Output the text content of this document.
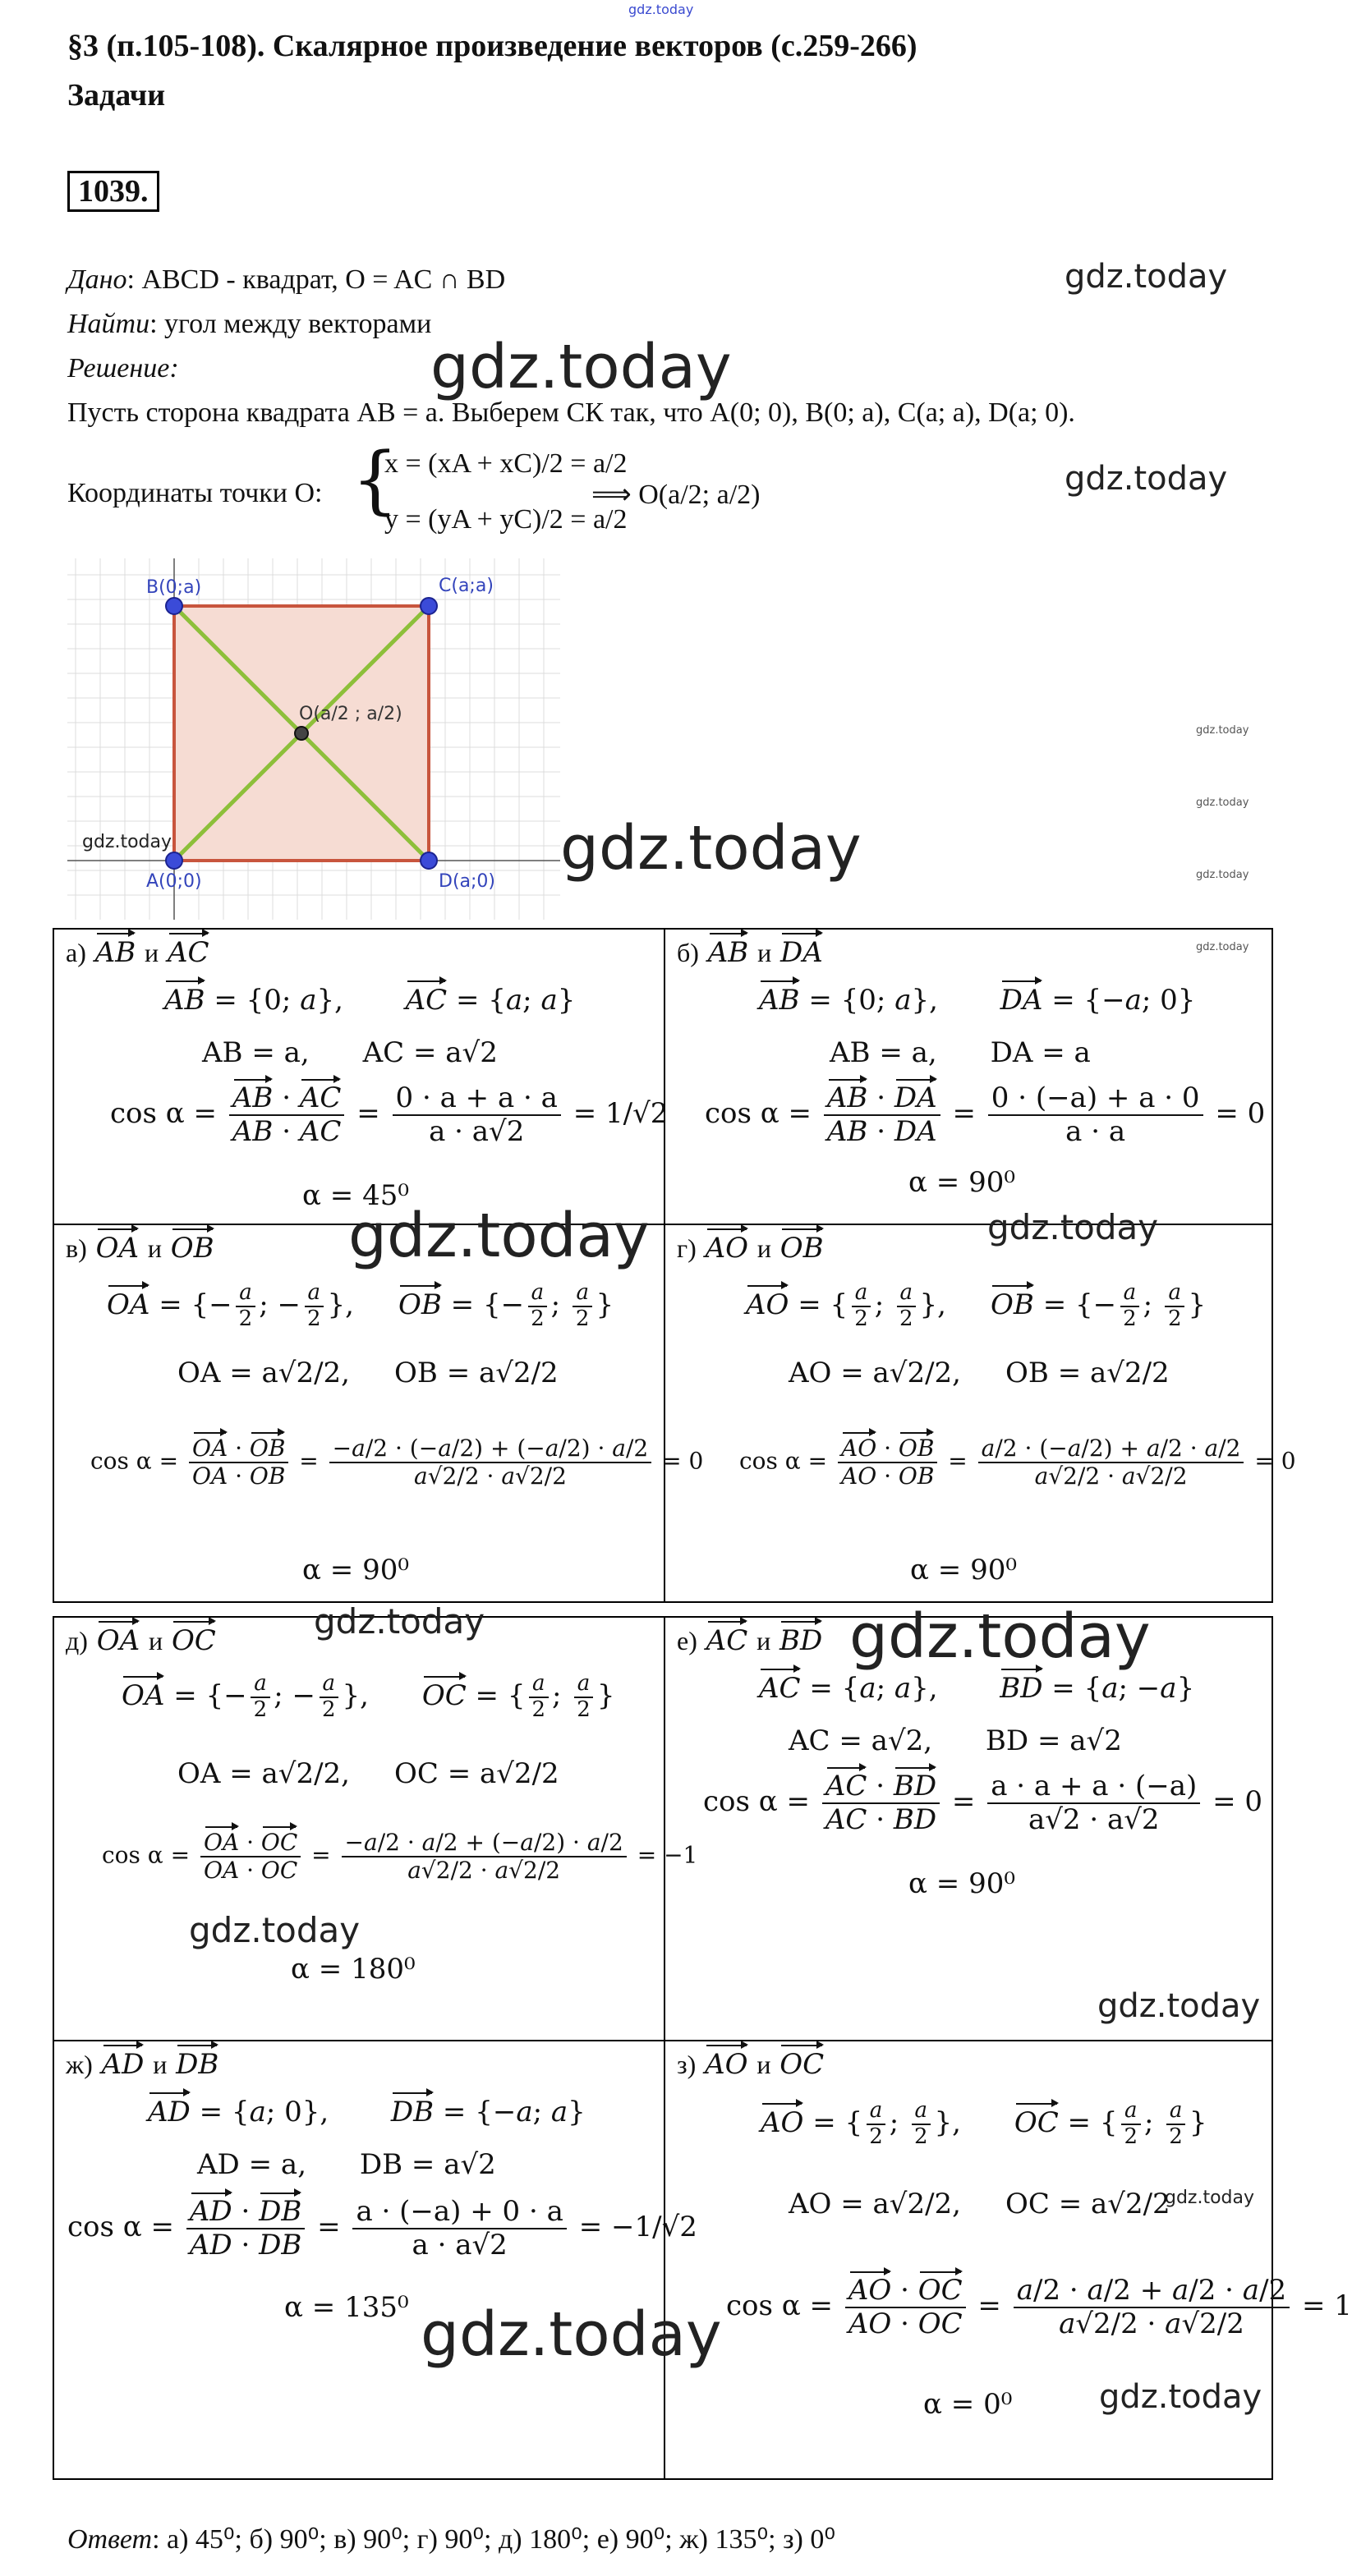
gdz.today
§3 (п.105-108). Скалярное произведение векторов (с.259-266)
Задачи
1039.
Дано: ABCD - квадрат, O = AC ∩ BD	gdz.today
Найти: угол между векторами
Решение:	gdz.today
Пусть сторона квадрата AB = a. Выберем СК так, что A(0; 0), B(0; a), C(a; a), D(a; 0).
Координаты точки O: {
x = (xA + xC)/2 = a/2
y = (yA + yC)/2 = a/2
⟹ O(a/2; a/2)	gdz.today
B(0;a)	C(a;a)
O(a/2 ; a/2)
A(0;0)	D(a;0)
gdz.today	gdz.today
gdz.today
gdz.today
gdz.today
а) AB и AC
AB = {0; a},       AC = {a; a}
AB = a, AC = a√2
$\cos \alpha = \frac{AB \cdot AC}{AB \cdot AC} = \frac{0 \cdot a + a \cdot a}{a \cdot a√2} = 1/√2$
α = 45⁰
gdz.today
б) AB и DA
AB = {0; a},       DA = {−a; 0}
AB = a, DA = a
$\cos \alpha = \frac{AB \cdot DA}{AB \cdot DA} = \frac{0 \cdot (-a) + a \cdot 0}{a \cdot a} = 0$
α = 90⁰
gdz.today	gdz.today
в) OA и OB
OA = {− $\frac{a}{2}$ ; − $\frac{a}{2}$ },     OB = {− $\frac{a}{2}$ ; $\frac{a}{2}$ }
OA = a√2/2, OB = a√2/2
$\cos \alpha = \frac{OA \cdot OB}{OA \cdot OB} = \frac{-a/2 \cdot (-a/2) + (-a/2) \cdot a/2}{a√2/2 \cdot a√2/2} = 0$
α = 90⁰
г) AO и OB
AO = { $\frac{a}{2}$ ; $\frac{a}{2}$ },     OB = {− $\frac{a}{2}$ ; $\frac{a}{2}$ }
AO = a√2/2, OB = a√2/2
$\cos \alpha = \frac{AO \cdot OB}{AO \cdot OB} = \frac{a/2 \cdot (-a/2) + a/2 \cdot a/2}{a√2/2 \cdot a√2/2} = 0$
α = 90⁰
д) OA и OC	gdz.today
OA = {− $\frac{a}{2}$ ; − $\frac{a}{2}$ },      OC = { $\frac{a}{2}$ ; $\frac{a}{2}$ }
OA = a√2/2, OC = a√2/2
$\cos \alpha = \frac{OA \cdot OC}{OA \cdot OC} = \frac{-a/2 \cdot a/2 + (-a/2) \cdot a/2}{a√2/2 \cdot a√2/2} = -1$
gdz.today
α = 180⁰
е) AC и BD gdz.today
AC = {a; a},       BD = {a; −a}
AC = a√2, BD = a√2
$\cos \alpha = \frac{AC \cdot BD}{AC \cdot BD} = \frac{a \cdot a + a \cdot (-a)}{a√2 \cdot a√2} = 0$
α = 90⁰
gdz.today
ж) AD и DB
AD = {a; 0},       DB = {−a; a}
AD = a, DB = a√2
$\cos \alpha = \frac{AD \cdot DB}{AD \cdot DB} = \frac{a \cdot (-a) + 0 \cdot a}{a \cdot a√2} = -1/√2$
α = 135⁰ gdz.today
з) AO и OC
AO = { $\frac{a}{2}$ ; $\frac{a}{2}$ },      OC = { $\frac{a}{2}$ ; $\frac{a}{2}$ }
gdz.today
AO = a√2/2, OC = a√2/2
$\cos \alpha = \frac{AO \cdot OC}{AO \cdot OC} = \frac{a/2 \cdot a/2 + a/2 \cdot a/2}{a√2/2 \cdot a√2/2} = 1$
α = 0⁰	gdz.today
Ответ: а) 45⁰; б) 90⁰; в) 90⁰; г) 90⁰; д) 180⁰; е) 90⁰; ж) 135⁰; з) 0⁰
